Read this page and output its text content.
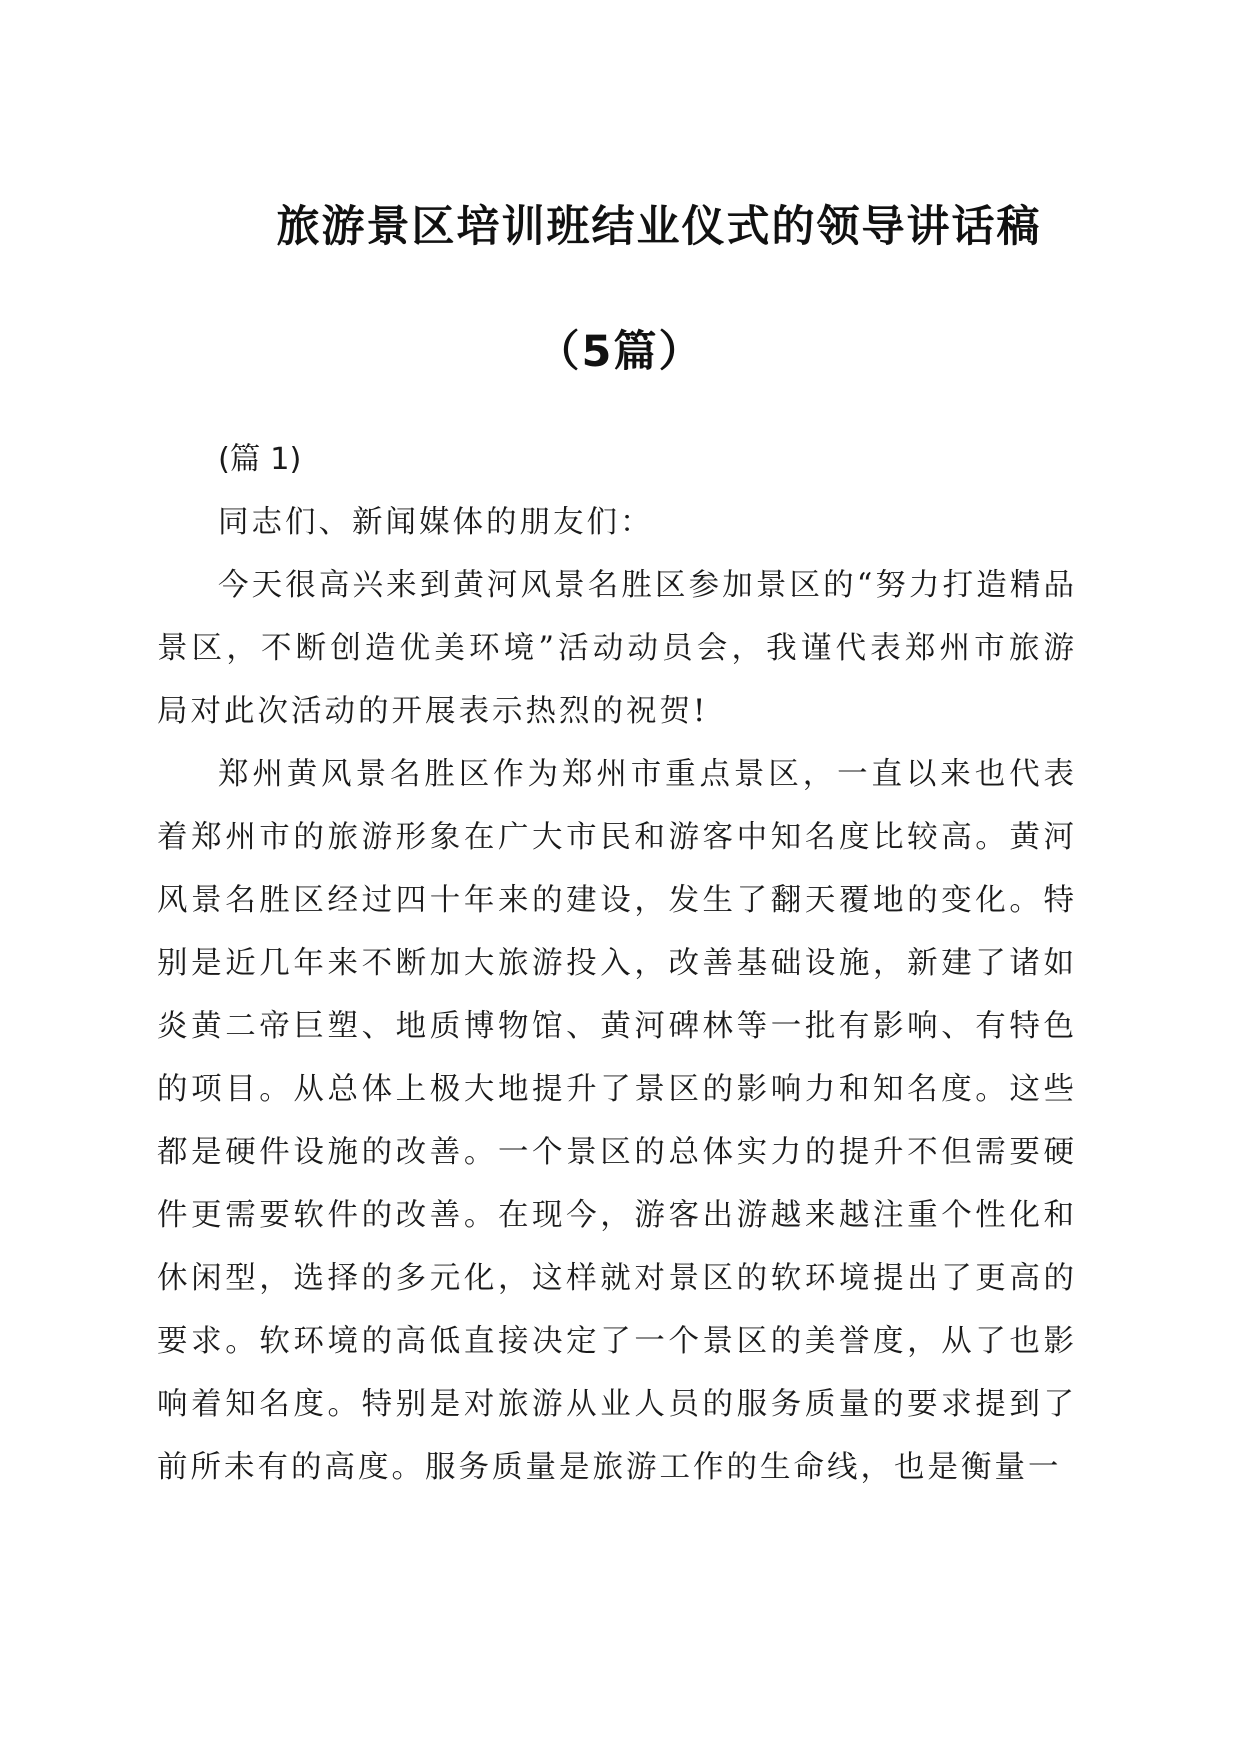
旅游景区培训班结业仪式的领导讲话稿
（5篇）

(篇 1)

同志们、新闻媒体的朋友们：

今天很高兴来到黄河风景名胜区参加景区的“努力打造精品景区，不断创造优美环境”活动动员会，我谨代表郑州市旅游局对此次活动的开展表示热烈的祝贺!

郑州黄风景名胜区作为郑州市重点景区，一直以来也代表着郑州市的旅游形象在广大市民和游客中知名度比较高。黄河风景名胜区经过四十年来的建设，发生了翻天覆地的变化。特别是近几年来不断加大旅游投入，改善基础设施，新建了诸如炎黄二帝巨塑、地质博物馆、黄河碑林等一批有影响、有特色的项目。从总体上极大地提升了景区的影响力和知名度。这些都是硬件设施的改善。一个景区的总体实力的提升不但需要硬件更需要软件的改善。在现今，游客出游越来越注重个性化和休闲型，选择的多元化，这样就对景区的软环境提出了更高的要求。软环境的高低直接决定了一个景区的美誉度，从了也影响着知名度。特别是对旅游从业人员的服务质量的要求提到了前所未有的高度。服务质量是旅游工作的生命线，也是衡量一
